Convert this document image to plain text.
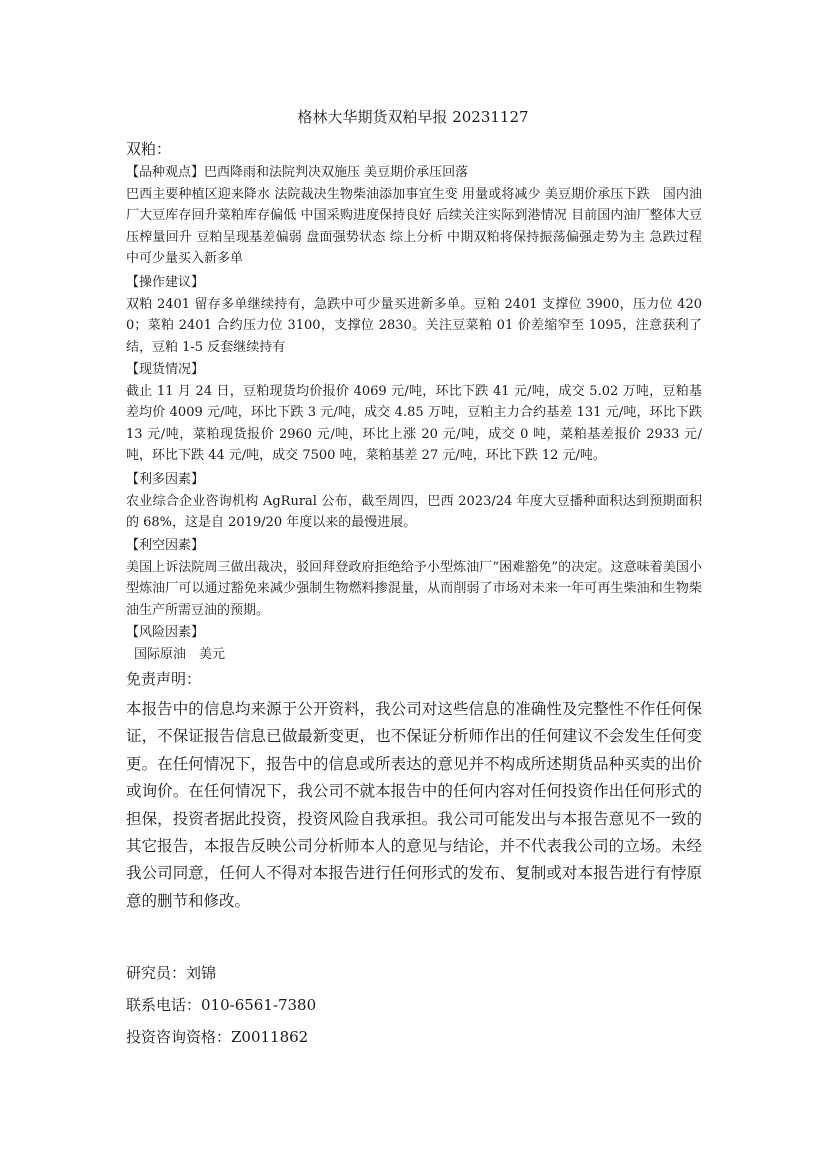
格林大华期货双粕早报 20231127
双粕：
【品种观点】巴西降雨和法院判决双施压 美豆期价承压回落
巴西主要种植区迎来降水 法院裁决生物柴油添加事宜生变 用量或将减少 美豆期价承压下跌　国内油厂大豆库存回升菜粕库存偏低 中国采购进度保持良好 后续关注实际到港情况 目前国内油厂整体大豆压榨量回升 豆粕呈现基差偏弱 盘面强势状态 综上分析 中期双粕将保持振荡偏强走势为主 急跌过程中可少量买入新多单
【操作建议】
双粕 2401 留存多单继续持有，急跌中可少量买进新多单。豆粕 2401 支撑位 3900，压力位 4200；菜粕 2401 合约压力位 3100，支撑位 2830。关注豆菜粕 01 价差缩窄至 1095，注意获利了结，豆粕 1-5 反套继续持有
【现货情况】
截止 11 月 24 日，豆粕现货均价报价 4069 元/吨，环比下跌 41 元/吨，成交 5.02 万吨，豆粕基差均价 4009 元/吨，环比下跌 3 元/吨，成交 4.85 万吨，豆粕主力合约基差 131 元/吨，环比下跌 13 元/吨，菜粕现货报价 2960 元/吨，环比上涨 20 元/吨，成交 0 吨，菜粕基差报价 2933 元/吨，环比下跌 44 元/吨，成交 7500 吨，菜粕基差 27 元/吨，环比下跌 12 元/吨。
【利多因素】
农业综合企业咨询机构 AgRural 公布，截至周四，巴西 2023/24 年度大豆播种面积达到预期面积的 68%，这是自 2019/20 年度以来的最慢进展。
【利空因素】
美国上诉法院周三做出裁决，驳回拜登政府拒绝给予小型炼油厂“困难豁免”的决定。这意味着美国小型炼油厂可以通过豁免来减少强制生物燃料掺混量，从而削弱了市场对未来一年可再生柴油和生物柴油生产所需豆油的预期。
【风险因素】
国际原油　美元
免责声明：
本报告中的信息均来源于公开资料，我公司对这些信息的准确性及完整性不作任何保证，不保证报告信息已做最新变更，也不保证分析师作出的任何建议不会发生任何变更。在任何情况下，报告中的信息或所表达的意见并不构成所述期货品种买卖的出价或询价。在任何情况下，我公司不就本报告中的任何内容对任何投资作出任何形式的担保，投资者据此投资，投资风险自我承担。我公司可能发出与本报告意见不一致的其它报告，本报告反映公司分析师本人的意见与结论，并不代表我公司的立场。未经我公司同意，任何人不得对本报告进行任何形式的发布、复制或对本报告进行有悖原意的删节和修改。
研究员：刘锦
联系电话：010-6561-7380
投资咨询资格：Z0011862
